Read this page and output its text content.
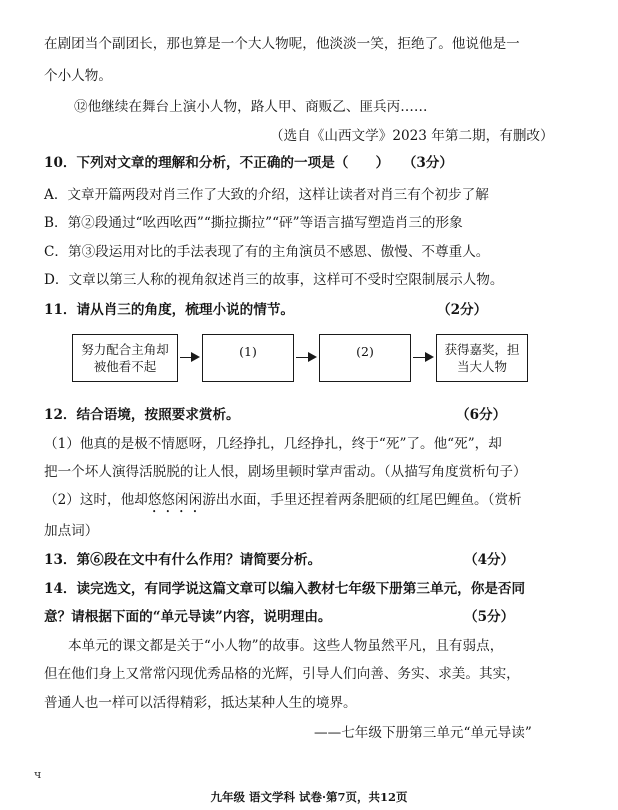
在剧团当个副团长，那也算是一个大人物呢，他淡淡一笑，拒绝了。他说他是一
个小人物。
⑫他继续在舞台上演小人物，路人甲、商贩乙、匪兵丙……
（选自《山西文学》2023 年第二期，有删改）
10．下列对文章的理解和分析，不正确的一项是（　　）　　（3分）
A．文章开篇两段对肖三作了大致的介绍，这样让读者对肖三有个初步了解
B．第②段通过“吆西吆西”“撕拉撕拉”“砰”等语言描写塑造肖三的形象
C．第③段运用对比的手法表现了有的主角演员不感恩、傲慢、不尊重人。
D．文章以第三人称的视角叙述肖三的故事，这样可不受时空限制展示人物。
11．请从肖三的角度，梳理小说的情节。	（2分）
努力配合主角却被他看不起
(1)	(2)	获得嘉奖，担当大人物
12．结合语境，按照要求赏析。	（6分）
（1）他真的是极不情愿呀，几经挣扎，几经挣扎，终于“死”了。他“死”，却
把一个坏人演得活脱脱的让人恨，剧场里顿时掌声雷动。（从描写角度赏析句子）
（2）这时，他却悠悠闲闲游出水面，手里还捏着两条肥硕的红尾巴鲤鱼。（赏析
加点词）
13．第⑥段在文中有什么作用？请简要分析。	（4分）
14．读完选文，有同学说这篇文章可以编入教材七年级下册第三单元，你是否同
意？请根据下面的“单元导读”内容，说明理由。	（5分）
本单元的课文都是关于“小人物”的故事。这些人物虽然平凡，且有弱点，
但在他们身上又常常闪现优秀品格的光辉，引导人们向善、务实、求美。其实，
普通人也一样可以活得精彩，抵达某种人生的境界。
——七年级下册第三单元“单元导读”
ч
九年级 语文学科 试卷·第7页，共12页
